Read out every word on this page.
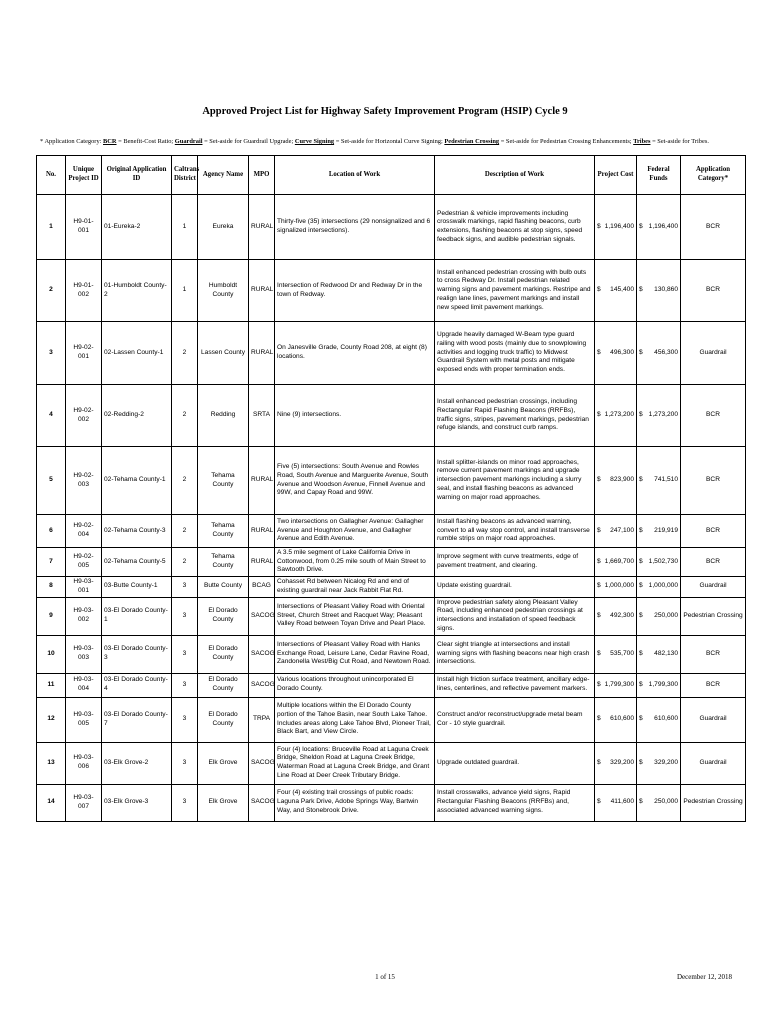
Approved Project List for Highway Safety Improvement Program (HSIP) Cycle 9
* Application Category: BCR = Benefit-Cost Ratio; Guardrail = Set-aside for Guardrail Upgrade; Curve Signing = Set-aside for Horizontal Curve Signing; Pedestrian Crossing = Set-aside for Pedestrian Crossing Enhancements; Tribes = Set-aside for Tribes.
No.	Unique Project ID	Original Application ID	Caltrans District	Agency Name	MPO	Location of Work	Description of Work	Project Cost	Federal Funds	Application Category*
1	H9-01-001	01-Eureka-2	1	Eureka	RURAL	Thirty-five (35) intersections (29 nonsignalized and 6 signalized intersections).	Pedestrian & vehicle improvements including crosswalk markings, rapid flashing beacons, curb extensions, flashing beacons at stop signs, speed feedback signs, and audible pedestrian signals.	$ 1,196,400	$ 1,196,400	BCR
2	H9-01-002	01-Humboldt County-2	1	Humboldt County	RURAL	Intersection of Redwood Dr and Redway Dr in the town of Redway.	Install enhanced pedestrian crossing with bulb outs to cross Redway Dr. Install pedestrian related warning signs and pavement markings. Restripe and realign lane lines, pavement markings and install new speed limit pavement markings.	$ 145,400	$ 130,860	BCR
3	H9-02-001	02-Lassen County-1	2	Lassen County	RURAL	On Janesville Grade, County Road 208, at eight (8) locations.	Upgrade heavily damaged W-Beam type guard railing with wood posts (mainly due to snowplowing activities and logging truck traffic) to Midwest Guardrail System with metal posts and mitigate exposed ends with proper termination ends.	$ 496,300	$ 456,300	Guardrail
4	H9-02-002	02-Redding-2	2	Redding	SRTA	Nine (9) intersections.	Install enhanced pedestrian crossings, including Rectangular Rapid Flashing Beacons (RRFBs), traffic signs, stripes, pavement markings, pedestrian refuge islands, and construct curb ramps.	$ 1,273,200	$ 1,273,200	BCR
5	H9-02-003	02-Tehama County-1	2	Tehama County	RURAL	Five (5) intersections: South Avenue and Rowles Road, South Avenue and Marguerite Avenue, South Avenue and Woodson Avenue, Finnell Avenue and 99W, and Capay Road and 99W.	Install splitter-islands on minor road approaches, remove current pavement markings and upgrade intersection pavement markings including a slurry seal, and install flashing beacons as advanced warning on major road approaches.	$ 823,900	$ 741,510	BCR
6	H9-02-004	02-Tehama County-3	2	Tehama County	RURAL	Two intersections on Gallagher Avenue: Gallagher Avenue and Houghton Avenue, and Gallagher Avenue and Edith Avenue.	Install flashing beacons as advanced warning, convert to all way stop control, and install transverse rumble strips on major road approaches.	$ 247,100	$ 219,919	BCR
7	H9-02-005	02-Tehama County-5	2	Tehama County	RURAL	A 3.5 mile segment of Lake California Drive in Cottonwood, from 0.25 mile south of Main Street to Sawtooth Drive.	Improve segment with curve treatments, edge of pavement treatment, and clearing.	$ 1,669,700	$ 1,502,730	BCR
8	H9-03-001	03-Butte County-1	3	Butte County	BCAG	Cohasset Rd between Nicalog Rd and end of existing guardrail near Jack Rabbit Flat Rd.	Update existing guardrail.	$ 1,000,000	$ 1,000,000	Guardrail
9	H9-03-002	03-El Dorado County-1	3	El Dorado County	SACOG	Intersections of Pleasant Valley Road with Oriental Street, Church Street and Racquet Way; Pleasant Valley Road between Toyan Drive and Pearl Place.	Improve pedestrian safety along Pleasant Valley Road, including enhanced pedestrian crossings at intersections and installation of speed feedback signs.	$ 492,300	$ 250,000	Pedestrian Crossing
10	H9-03-003	03-El Dorado County-3	3	El Dorado County	SACOG	Intersections of Pleasant Valley Road with Hanks Exchange Road, Leisure Lane, Cedar Ravine Road, Zandonella West/Big Cut Road, and Newtown Road.	Clear sight triangle at intersections and install warning signs with flashing beacons near high crash intersections.	$ 535,700	$ 482,130	BCR
11	H9-03-004	03-El Dorado County-4	3	El Dorado County	SACOG	Various locations throughout unincorporated El Dorado County.	Install high friction surface treatment, ancillary edge-lines, centerlines, and reflective pavement markers.	$ 1,799,300	$ 1,799,300	BCR
12	H9-03-005	03-El Dorado County-7	3	El Dorado County	TRPA	Multiple locations within the El Dorado County portion of the Tahoe Basin, near South Lake Tahoe. Includes areas along Lake Tahoe Blvd, Pioneer Trail, Black Bart, and View Circle.	Construct and/or reconstruct/upgrade metal beam Cor - 10 style guardrail.	$ 610,600	$ 610,600	Guardrail
13	H9-03-006	03-Elk Grove-2	3	Elk Grove	SACOG	Four (4) locations: Bruceville Road at Laguna Creek Bridge, Sheldon Road at Laguna Creek Bridge, Waterman Road at Laguna Creek Bridge, and Grant Line Road at Deer Creek Tributary Bridge.	Upgrade outdated guardrail.	$ 329,200	$ 329,200	Guardrail
14	H9-03-007	03-Elk Grove-3	3	Elk Grove	SACOG	Four (4) existing trail crossings of public roads: Laguna Park Drive, Adobe Springs Way, Bartwin Way, and Stonebrook Drive.	Install crosswalks, advance yield signs, Rapid Rectangular Flashing Beacons (RRFBs) and, associated advanced warning signs.	$ 411,600	$ 250,000	Pedestrian Crossing
1 of 15	December 12, 2018
